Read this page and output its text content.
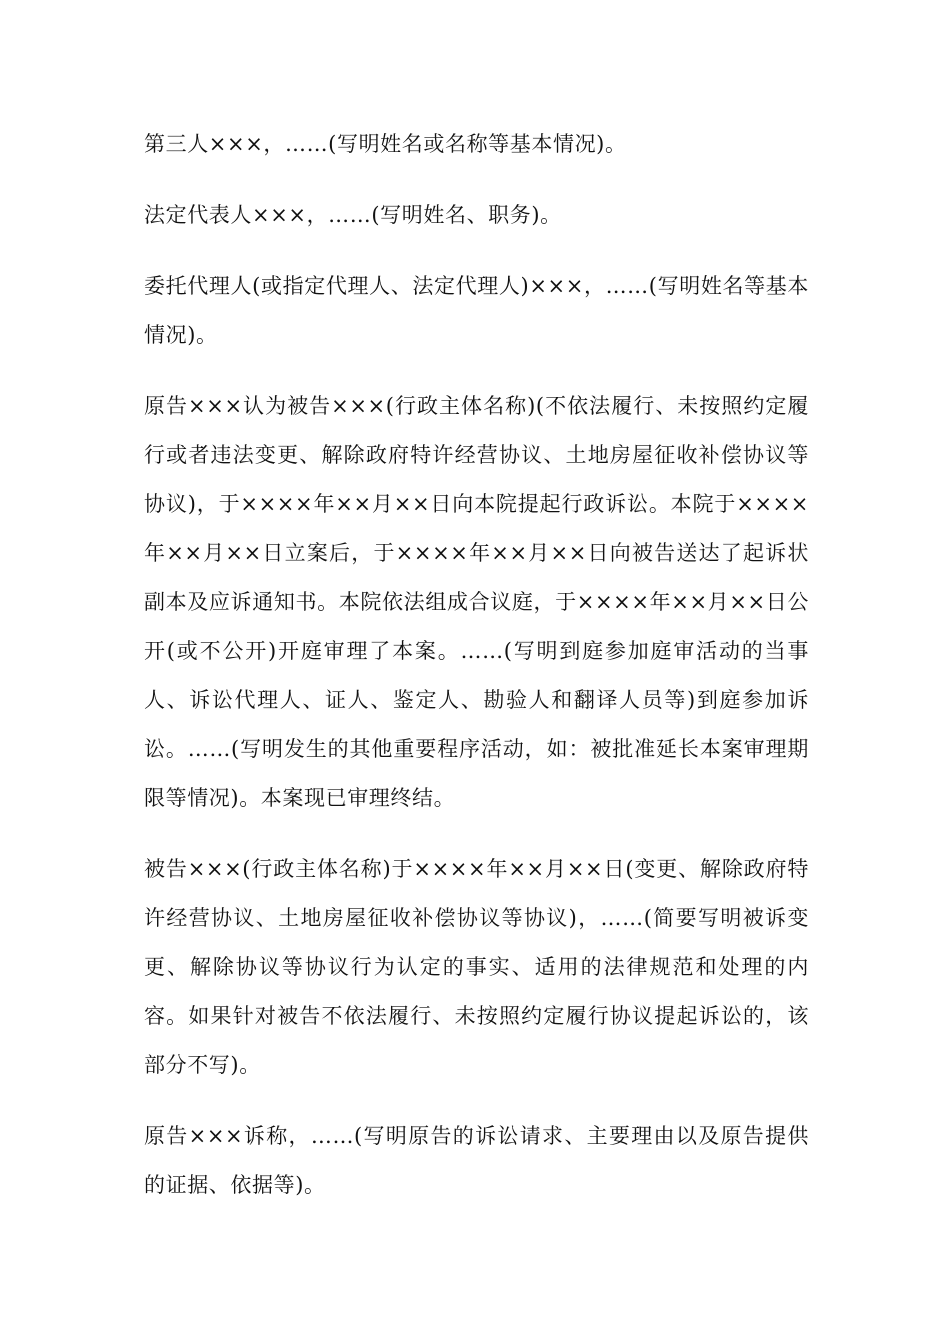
第三人×××，……(写明姓名或名称等基本情况)。

法定代表人×××，……(写明姓名、职务)。

委托代理人(或指定代理人、法定代理人)×××，……(写明姓名等基本情况)。

原告×××认为被告×××(行政主体名称)(不依法履行、未按照约定履行或者违法变更、解除政府特许经营协议、土地房屋征收补偿协议等协议)，于××××年××月××日向本院提起行政诉讼。本院于××××年××月××日立案后，于××××年××月××日向被告送达了起诉状副本及应诉通知书。本院依法组成合议庭，于××××年××月××日公开(或不公开)开庭审理了本案。……(写明到庭参加庭审活动的当事人、诉讼代理人、证人、鉴定人、勘验人和翻译人员等)到庭参加诉讼。……(写明发生的其他重要程序活动，如：被批准延长本案审理期限等情况)。本案现已审理终结。

被告×××(行政主体名称)于××××年××月××日(变更、解除政府特许经营协议、土地房屋征收补偿协议等协议)，……(简要写明被诉变更、解除协议等协议行为认定的事实、适用的法律规范和处理的内容。如果针对被告不依法履行、未按照约定履行协议提起诉讼的，该部分不写)。

原告×××诉称，……(写明原告的诉讼请求、主要理由以及原告提供的证据、依据等)。
